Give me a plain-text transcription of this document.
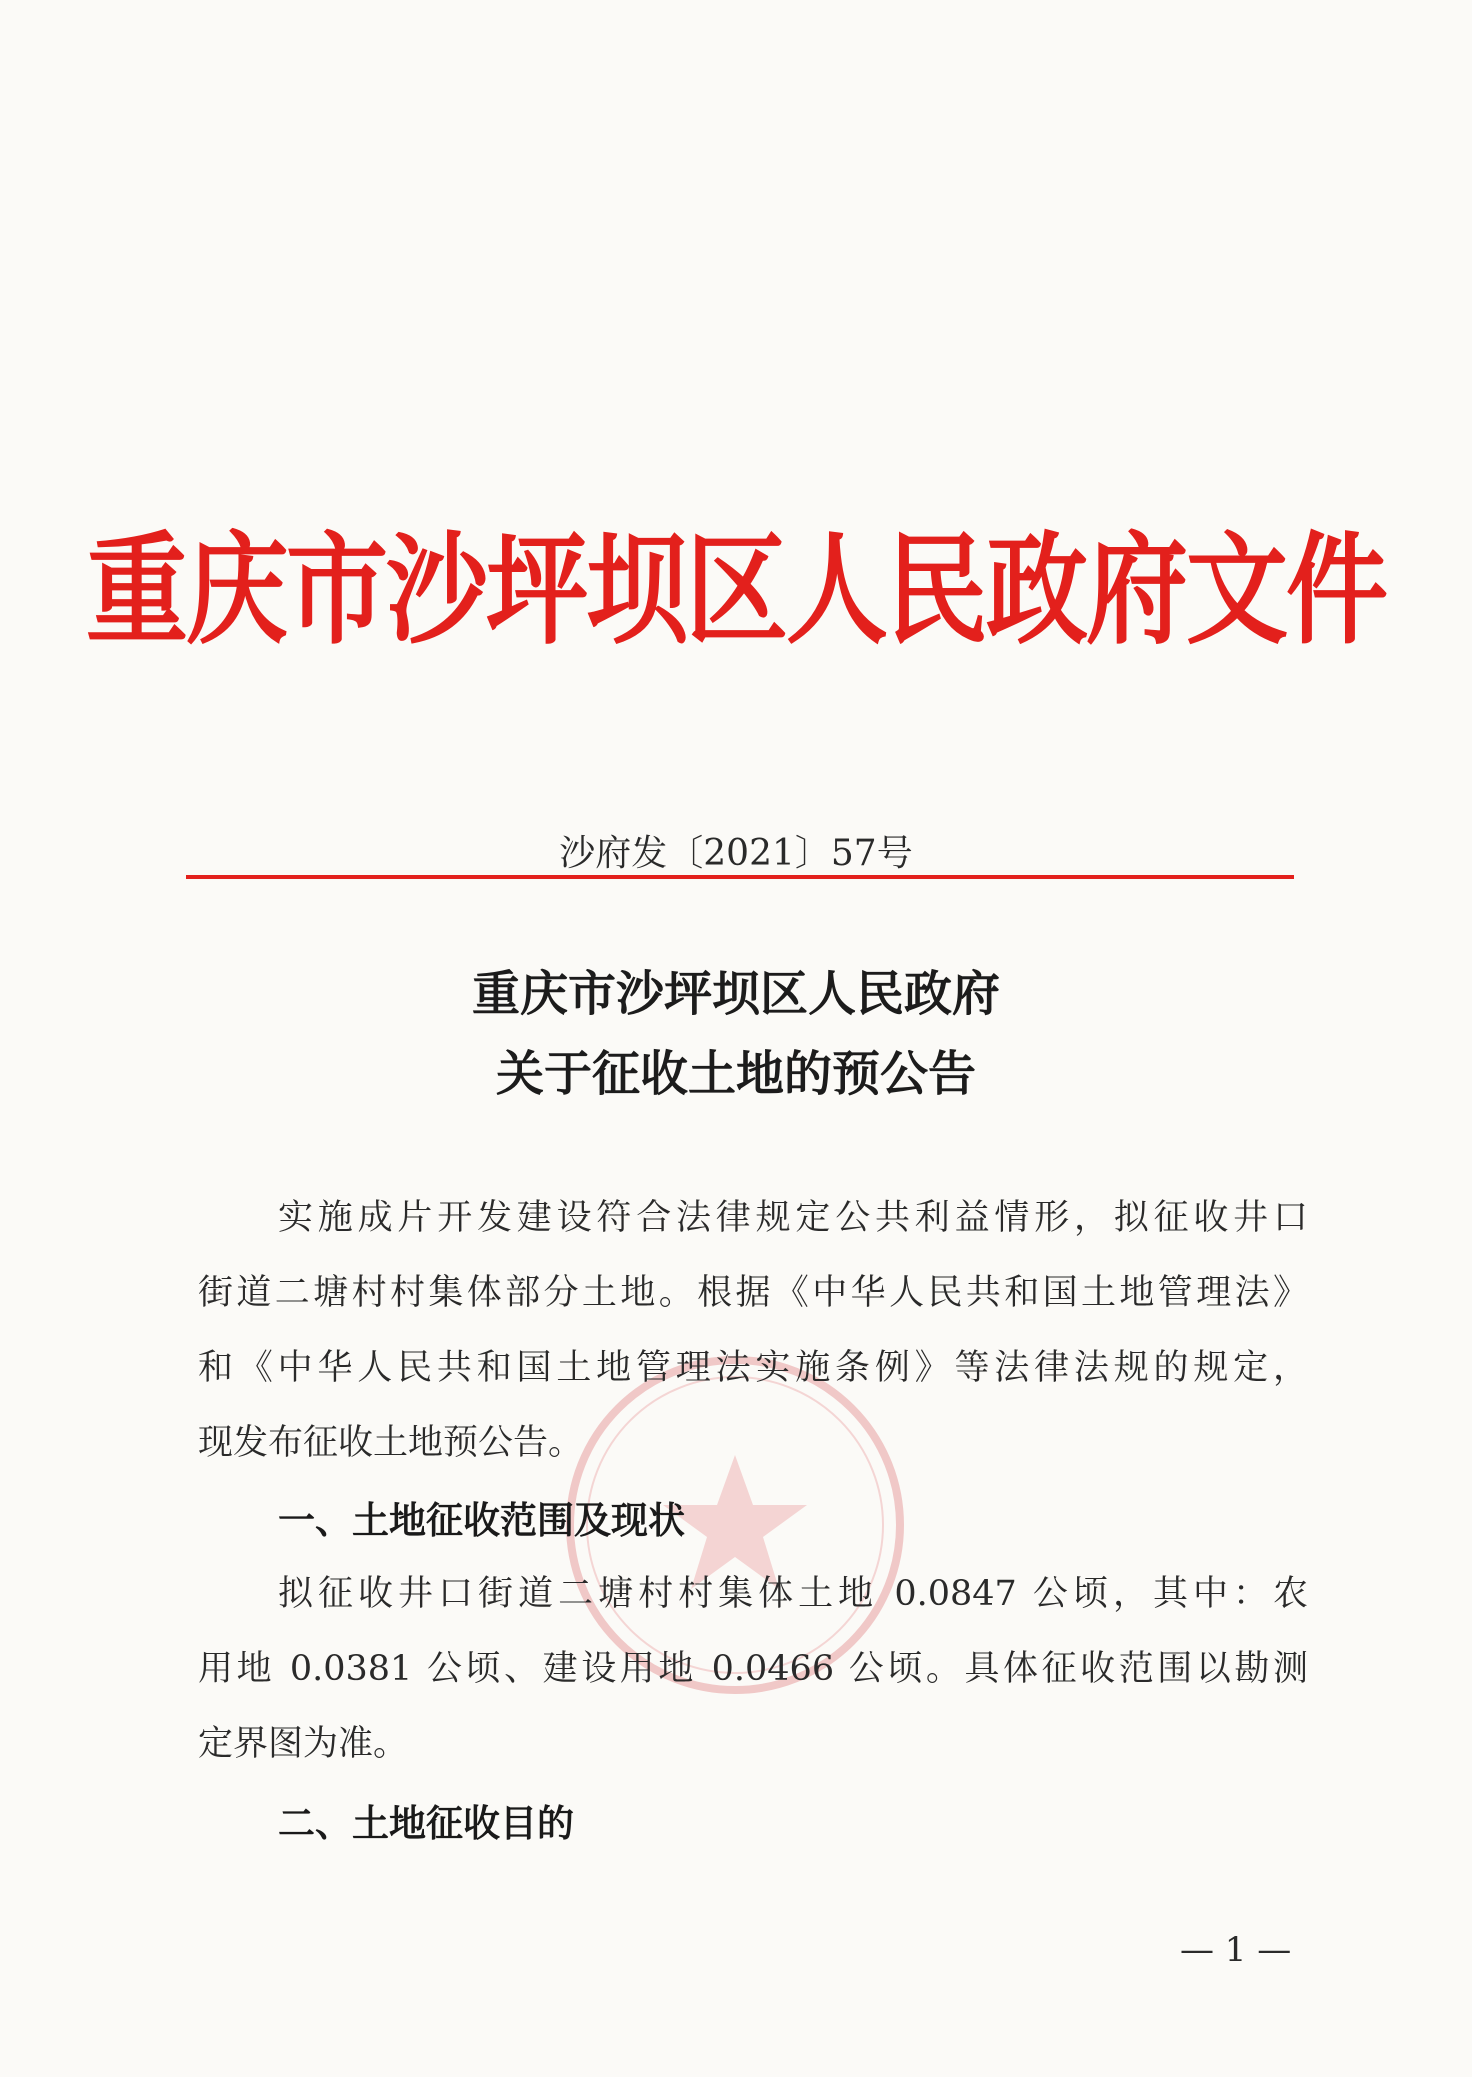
重庆市沙坪坝区人民政府文件
沙府发〔2021〕57号
重庆市沙坪坝区人民政府
关于征收土地的预公告
实施成片开发建设符合法律规定公共利益情形，拟征收井口
街道二塘村村集体部分土地。根据《中华人民共和国土地管理法》
和《中华人民共和国土地管理法实施条例》等法律法规的规定，
现发布征收土地预公告。
一、土地征收范围及现状
拟征收井口街道二塘村村集体土地 0.0847 公顷，其中：农
用地 0.0381 公顷、建设用地 0.0466 公顷。具体征收范围以勘测
定界图为准。
二、土地征收目的
— 1 —
